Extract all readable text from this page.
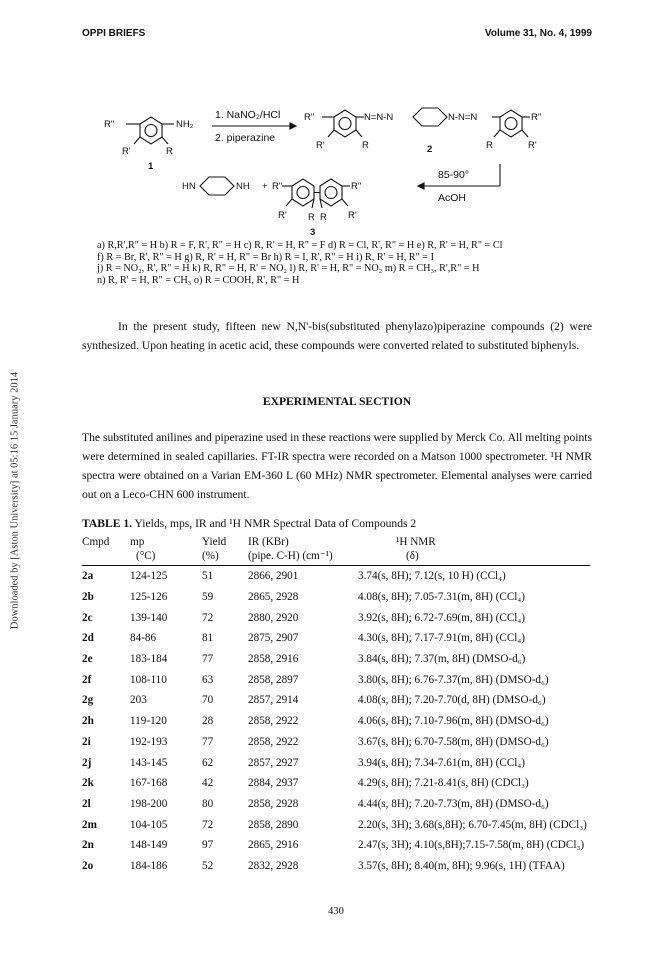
Downloaded by [Aston University] at 05:16 15 January 2014
OPPI BRIEFS	Volume 31, No. 4, 1999
R"	NH₂
R'	R
1
1. NaNO₂/HCl
2. piperazine
R"	N=N-N	N-N=N	R"
R'	R	R	R'
2
HN	NH + R"	R"
R' R R R'
3
85-90°
AcOH
a) R,R',R" = H b) R = F, R', R" = H c) R, R' = H, R" = F d) R = Cl, R', R" = H e) R, R' = H, R" = Cl
f) R = Br, R', R" = H g) R, R' = H, R" = Br h) R = I, R', R" = H i) R, R' = H, R" = I
j) R = NO₂, R', R" = H k) R, R" = H, R' = NO₂ l) R, R' = H, R" = NO₂ m) R = CH₃, R',R" = H
n) R, R' = H, R" = CH₃ o) R = COOH, R', R" = H
In the present study, fifteen new N,N'-bis(substituted phenylazo)piperazine compounds (2) were synthesized. Upon heating in acetic acid, these compounds were converted related to substituted biphenyls.
EXPERIMENTAL SECTION
The substituted anilines and piperazine used in these reactions were supplied by Merck Co. All melting points were determined in sealed capillaries. FT-IR spectra were recorded on a Matson 1000 spectrometer. ¹H NMR spectra were obtained on a Varian EM-360 L (60 MHz) NMR spectrometer. Elemental analyses were carried out on a Leco-CHN 600 instrument.
TABLE 1. Yields, mps, IR and ¹H NMR Spectral Data of Compounds 2
Cmpd	mp	Yield	IR (KBr)	¹H NMR
	(°C)	(%)	(pipe. C-H) (cm⁻¹)	(δ)
2a	124-125	51	2866, 2901	3.74(s, 8H); 7.12(s, 10 H) (CCl₄)
2b	125-126	59	2865, 2928	4.08(s, 8H); 7.05-7.31(m, 8H) (CCl₄)
2c	139-140	72	2880, 2920	3.92(s, 8H); 6.72-7.69(m, 8H) (CCl₄)
2d	84-86	81	2875, 2907	4.30(s, 8H); 7.17-7.91(m, 8H) (CCl₄)
2e	183-184	77	2858, 2916	3.84(s, 8H); 7.37(m, 8H) (DMSO-d₆)
2f	108-110	63	2858, 2897	3.80(s, 8H); 6.76-7.37(m, 8H) (DMSO-d₆)
2g	203	70	2857, 2914	4.08(s, 8H); 7.20-7.70(d, 8H) (DMSO-d₆)
2h	119-120	28	2858, 2922	4.06(s, 8H); 7.10-7.96(m, 8H) (DMSO-d₆)
2i	192-193	77	2858, 2922	3.67(s, 8H); 6.70-7.58(m, 8H) (DMSO-d₆)
2j	143-145	62	2857, 2927	3.94(s, 8H); 7.34-7.61(m, 8H) (CCl₄)
2k	167-168	42	2884, 2937	4.29(s, 8H); 7.21-8.41(s, 8H) (CDCl₃)
2l	198-200	80	2858, 2928	4.44(s, 8H); 7.20-7.73(m, 8H) (DMSO-d₆)
2m	104-105	72	2858, 2890	2.20(s, 3H); 3.68(s,8H); 6.70-7.45(m, 8H) (CDCl₃)
2n	148-149	97	2865, 2916	2.47(s, 3H); 4.10(s,8H);7.15-7.58(m, 8H) (CDCl₃)
2o	184-186	52	2832, 2928	3.57(s, 8H); 8.40(m, 8H); 9.96(s, 1H) (TFAA)
430
